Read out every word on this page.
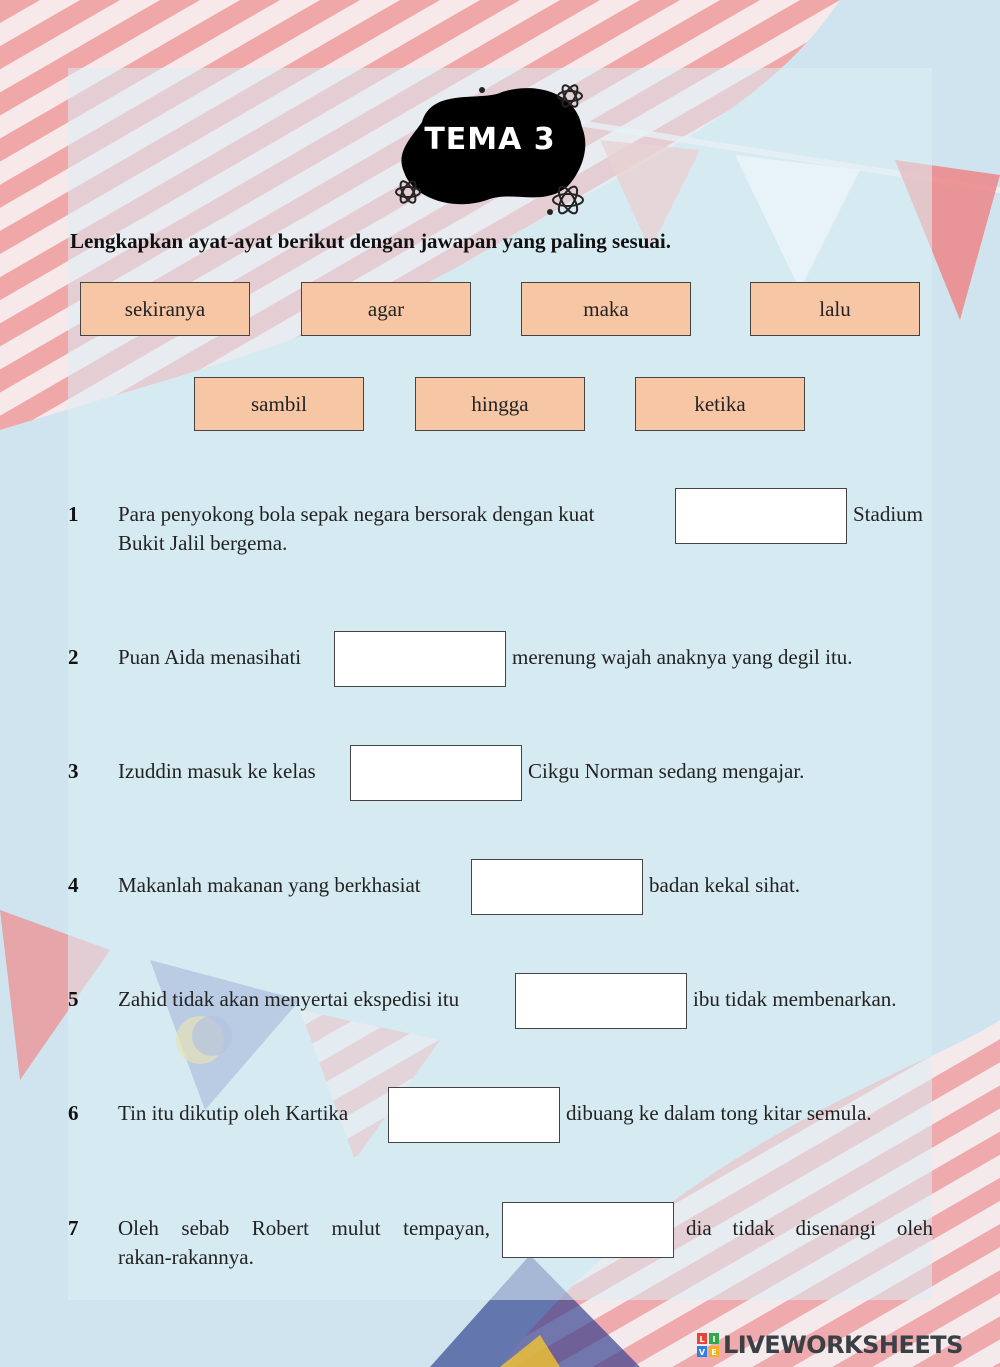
TEMA 3
Lengkapkan ayat-ayat berikut dengan jawapan yang paling sesuai.
sekiranya	agar	maka	lalu
sambil	hingga	ketika
1 Para penyokong bola sepak negara bersorak dengan kuat	Stadium
Bukit Jalil bergema.
2 Puan Aida menasihati	merenung wajah anaknya yang degil itu.
3 Izuddin masuk ke kelas	Cikgu Norman sedang mengajar.
4 Makanlah makanan yang berkhasiat	badan kekal sihat.
5 Zahid tidak akan menyertai ekspedisi itu	ibu tidak membenarkan.
6 Tin itu dikutip oleh Kartika	dibuang ke dalam tong kitar semula.
7 Oleh sebab Robert mulut tempayan,	dia tidak disenangi oleh
rakan-rakannya.
L I
V E LIVEWORKSHEETS
